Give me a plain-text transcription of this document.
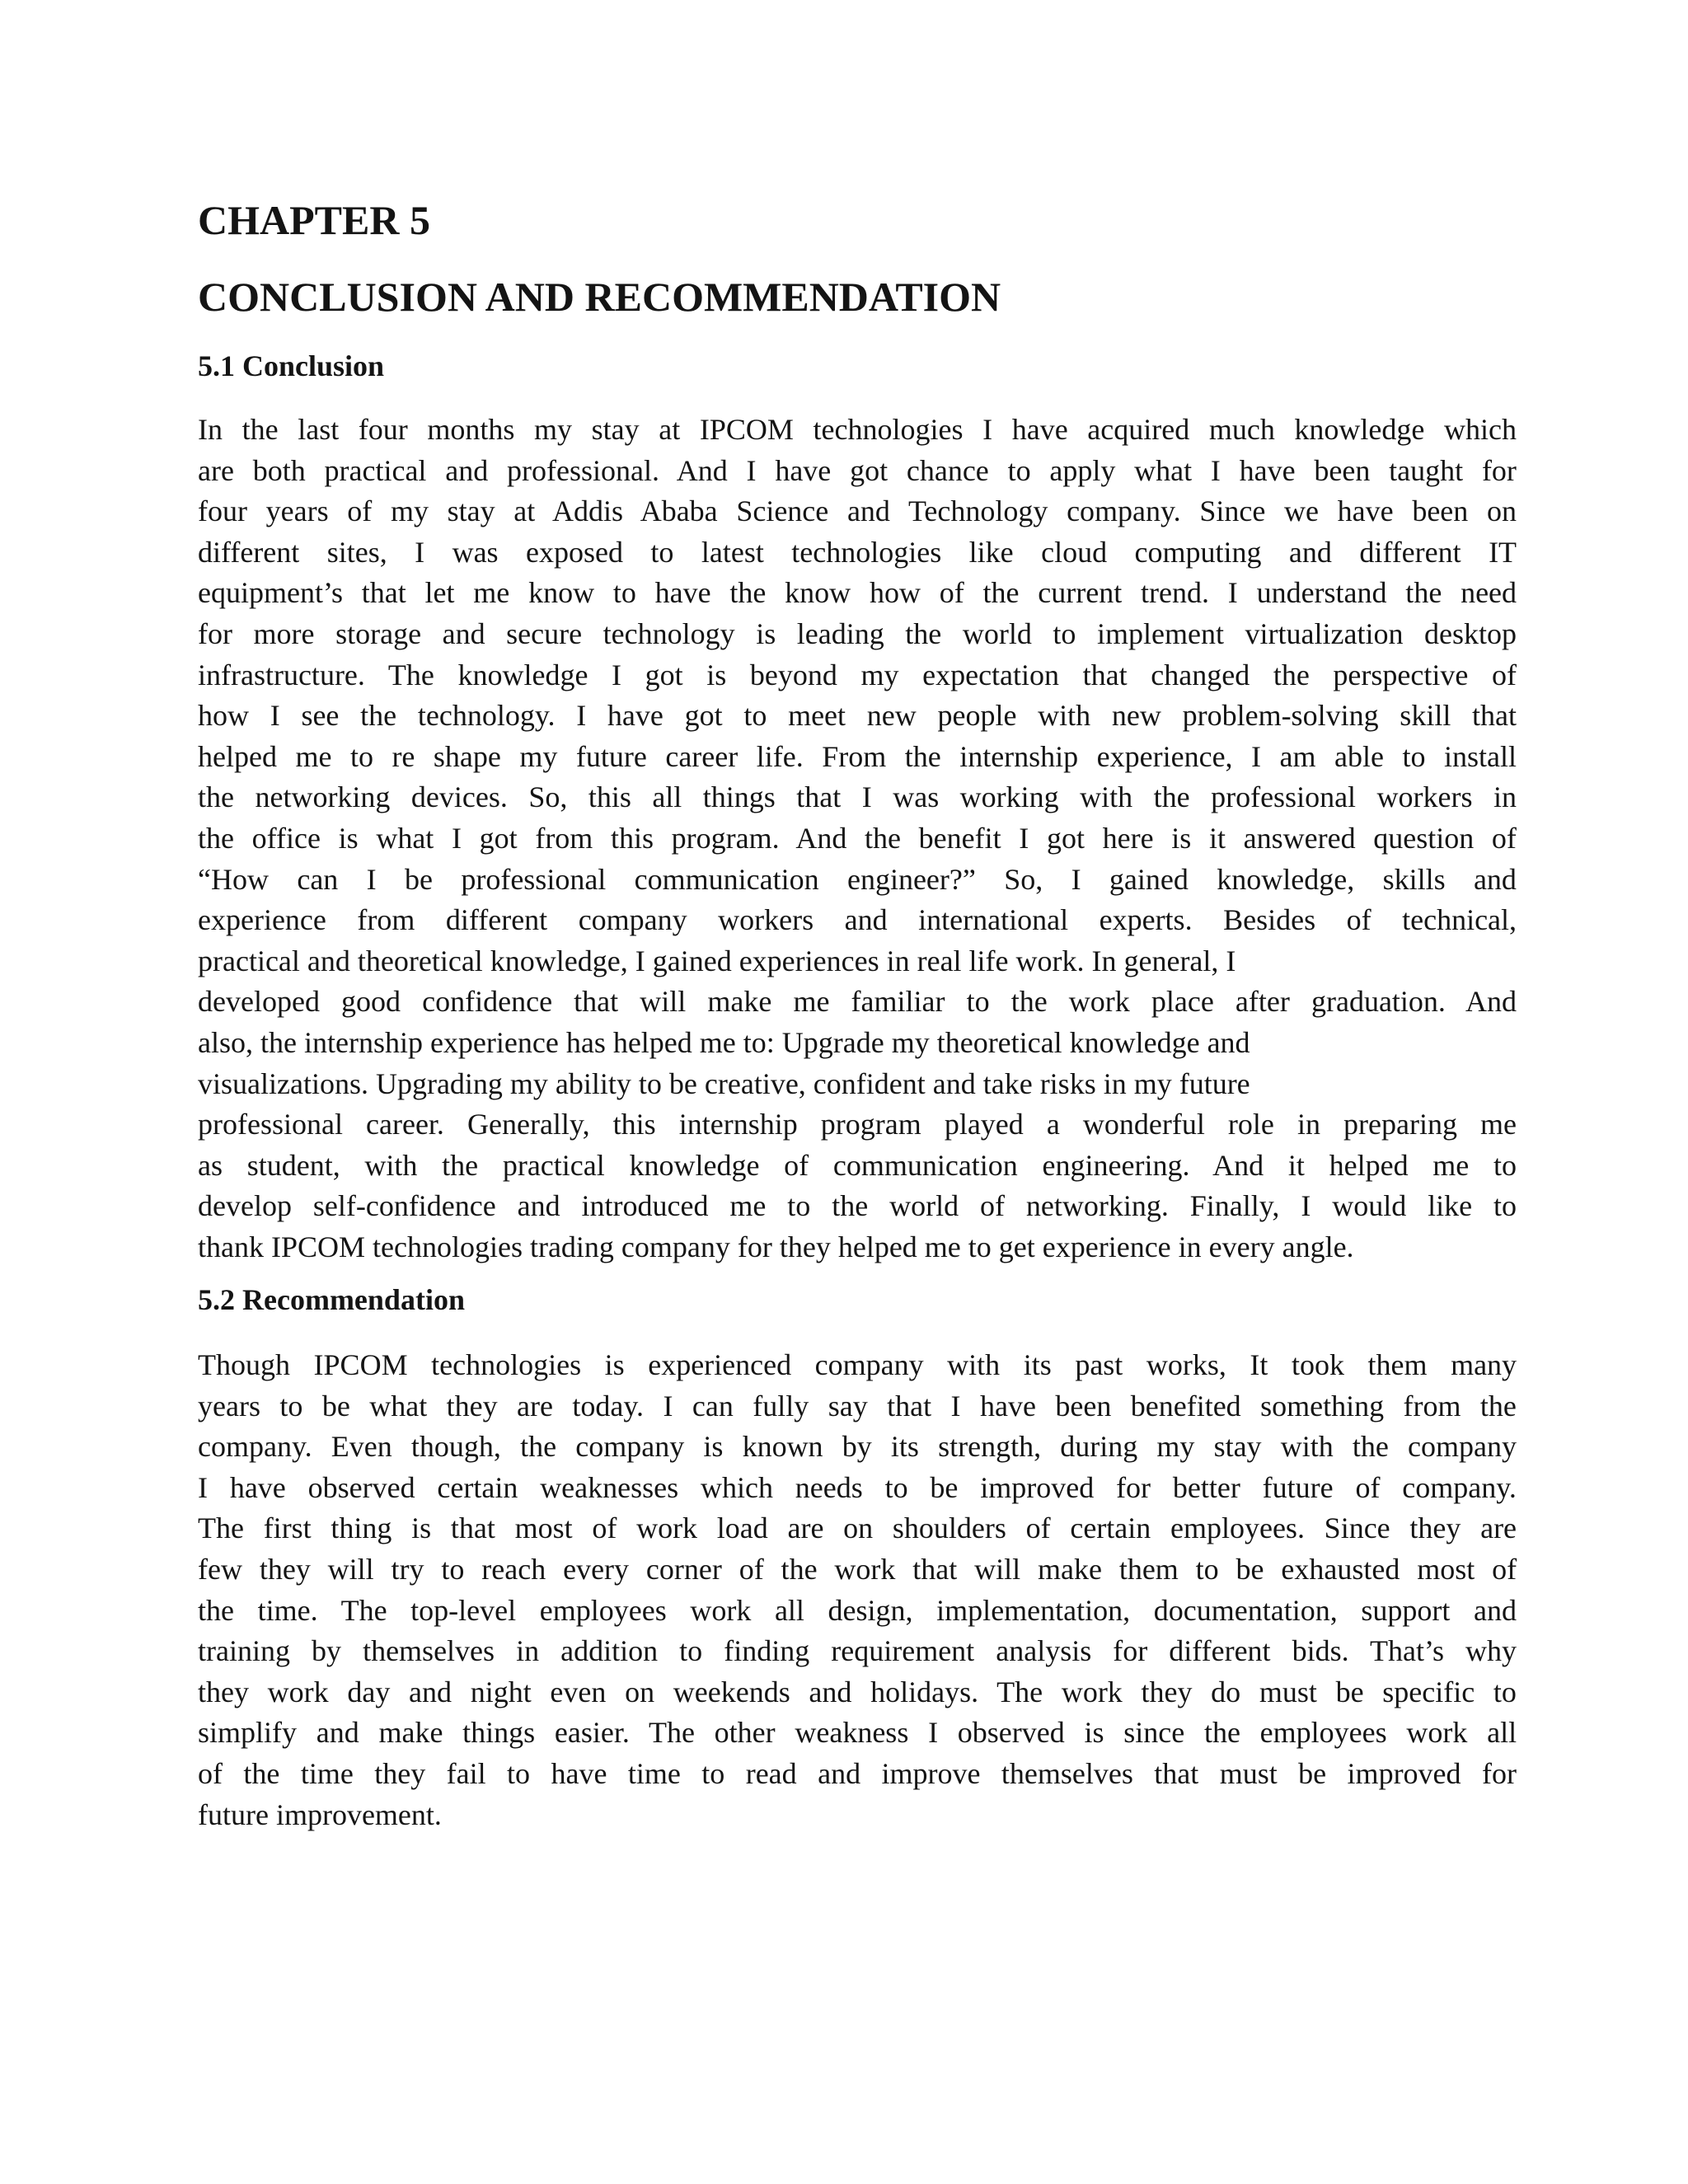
CHAPTER 5
CONCLUSION AND RECOMMENDATION
5.1 Conclusion
In the last four months my stay at IPCOM technologies I have acquired much knowledge which
are both practical and professional. And I have got chance to apply what I have been taught for
four years of my stay at Addis Ababa Science and Technology company. Since we have been on
different sites, I was exposed to latest technologies like cloud computing and different IT
equipment’s that let me know to have the know how of the current trend. I understand the need
for more storage and secure technology is leading the world to implement virtualization desktop
infrastructure. The knowledge I got is beyond my expectation that changed the perspective of
how I see the technology. I have got to meet new people with new problem-solving skill that
helped me to re shape my future career life. From the internship experience, I am able to install
the networking devices. So, this all things that I was working with the professional workers in
the office is what I got from this program. And the benefit I got here is it answered question of
“How can I be professional communication engineer?” So, I gained knowledge, skills and
experience from different company workers and international experts. Besides of technical,
practical and theoretical knowledge, I gained experiences in real life work. In general, I
developed good confidence that will make me familiar to the work place after graduation. And
also, the internship experience has helped me to: Upgrade my theoretical knowledge and
visualizations. Upgrading my ability to be creative, confident and take risks in my future
professional career. Generally, this internship program played a wonderful role in preparing me
as student, with the practical knowledge of communication engineering. And it helped me to
develop self-confidence and introduced me to the world of networking. Finally, I would like to
thank IPCOM technologies trading company for they helped me to get experience in every angle.
5.2 Recommendation
Though IPCOM technologies is experienced company with its past works, It took them many
years to be what they are today. I can fully say that I have been benefited something from the
company. Even though, the company is known by its strength, during my stay with the company
I have observed certain weaknesses which needs to be improved for better future of company.
The first thing is that most of work load are on shoulders of certain employees. Since they are
few they will try to reach every corner of the work that will make them to be exhausted most of
the time. The top-level employees work all design, implementation, documentation, support and
training by themselves in addition to finding requirement analysis for different bids. That’s why
they work day and night even on weekends and holidays. The work they do must be specific to
simplify and make things easier. The other weakness I observed is since the employees work all
of the time they fail to have time to read and improve themselves that must be improved for
future improvement.
